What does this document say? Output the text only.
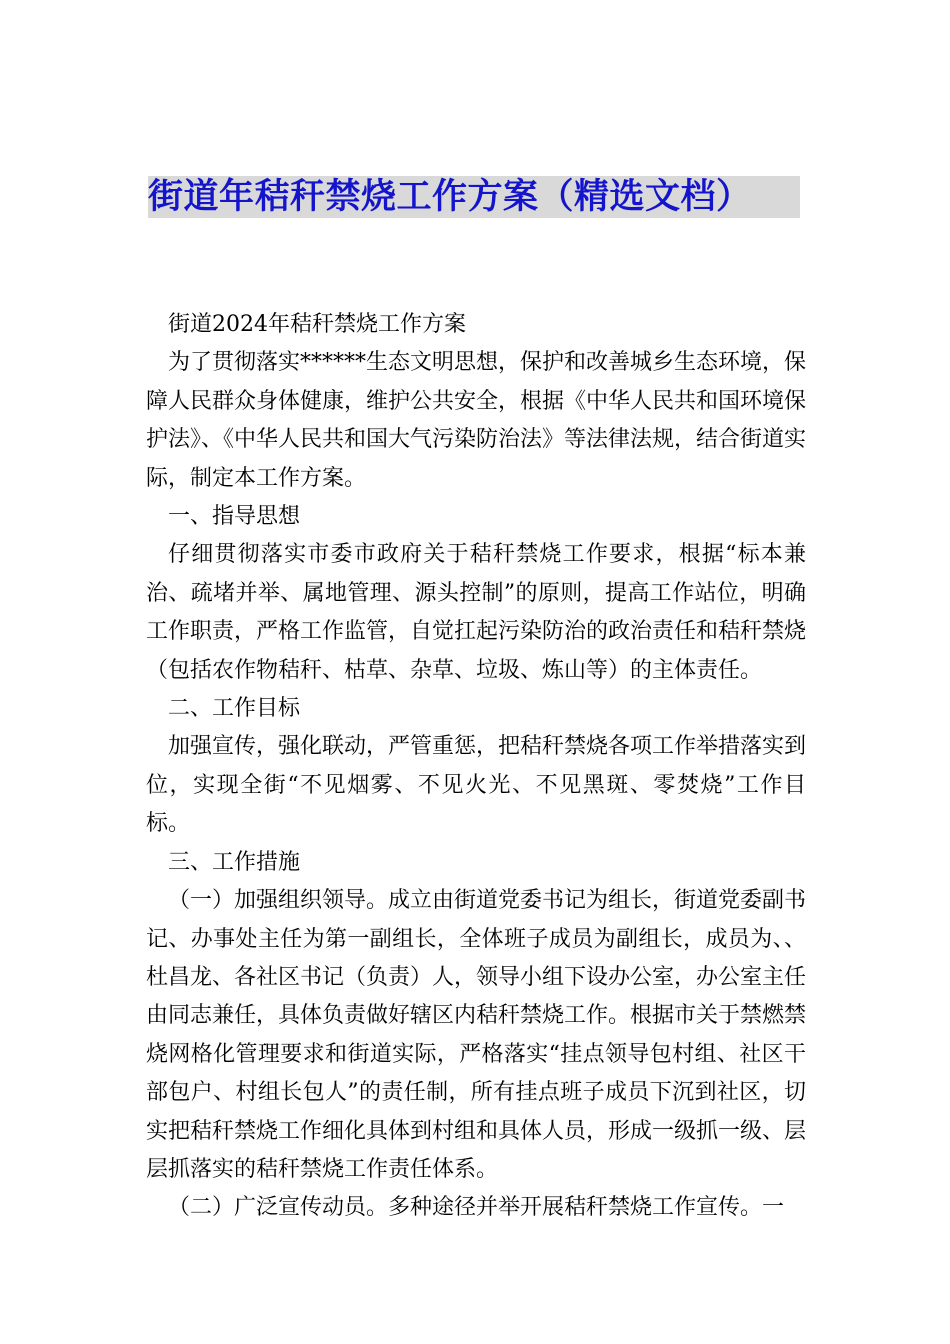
街道年秸秆禁烧工作方案（精选文档）

街道2024年秸秆禁烧工作方案

为了贯彻落实******生态文明思想，保护和改善城乡生态环境，保障人民群众身体健康，维护公共安全，根据《中华人民共和国环境保护法》、《中华人民共和国大气污染防治法》等法律法规，结合街道实际，制定本工作方案。

一、指导思想

仔细贯彻落实市委市政府关于秸秆禁烧工作要求，根据“标本兼治、疏堵并举、属地管理、源头控制”的原则，提高工作站位，明确工作职责，严格工作监管，自觉扛起污染防治的政治责任和秸秆禁烧（包括农作物秸秆、枯草、杂草、垃圾、炼山等）的主体责任。

二、工作目标

加强宣传，强化联动，严管重惩，把秸秆禁烧各项工作举措落实到位，实现全街“不见烟雾、不见火光、不见黑斑、零焚烧”工作目标。

三、工作措施

（一）加强组织领导。成立由街道党委书记为组长，街道党委副书记、办事处主任为第一副组长，全体班子成员为副组长，成员为、、杜昌龙、各社区书记（负责）人，领导小组下设办公室，办公室主任由同志兼任，具体负责做好辖区内秸秆禁烧工作。根据市关于禁燃禁烧网格化管理要求和街道实际，严格落实“挂点领导包村组、社区干部包户、村组长包人”的责任制，所有挂点班子成员下沉到社区，切实把秸秆禁烧工作细化具体到村组和具体人员，形成一级抓一级、层层抓落实的秸秆禁烧工作责任体系。

（二）广泛宣传动员。多种途径并举开展秸秆禁烧工作宣传。一
